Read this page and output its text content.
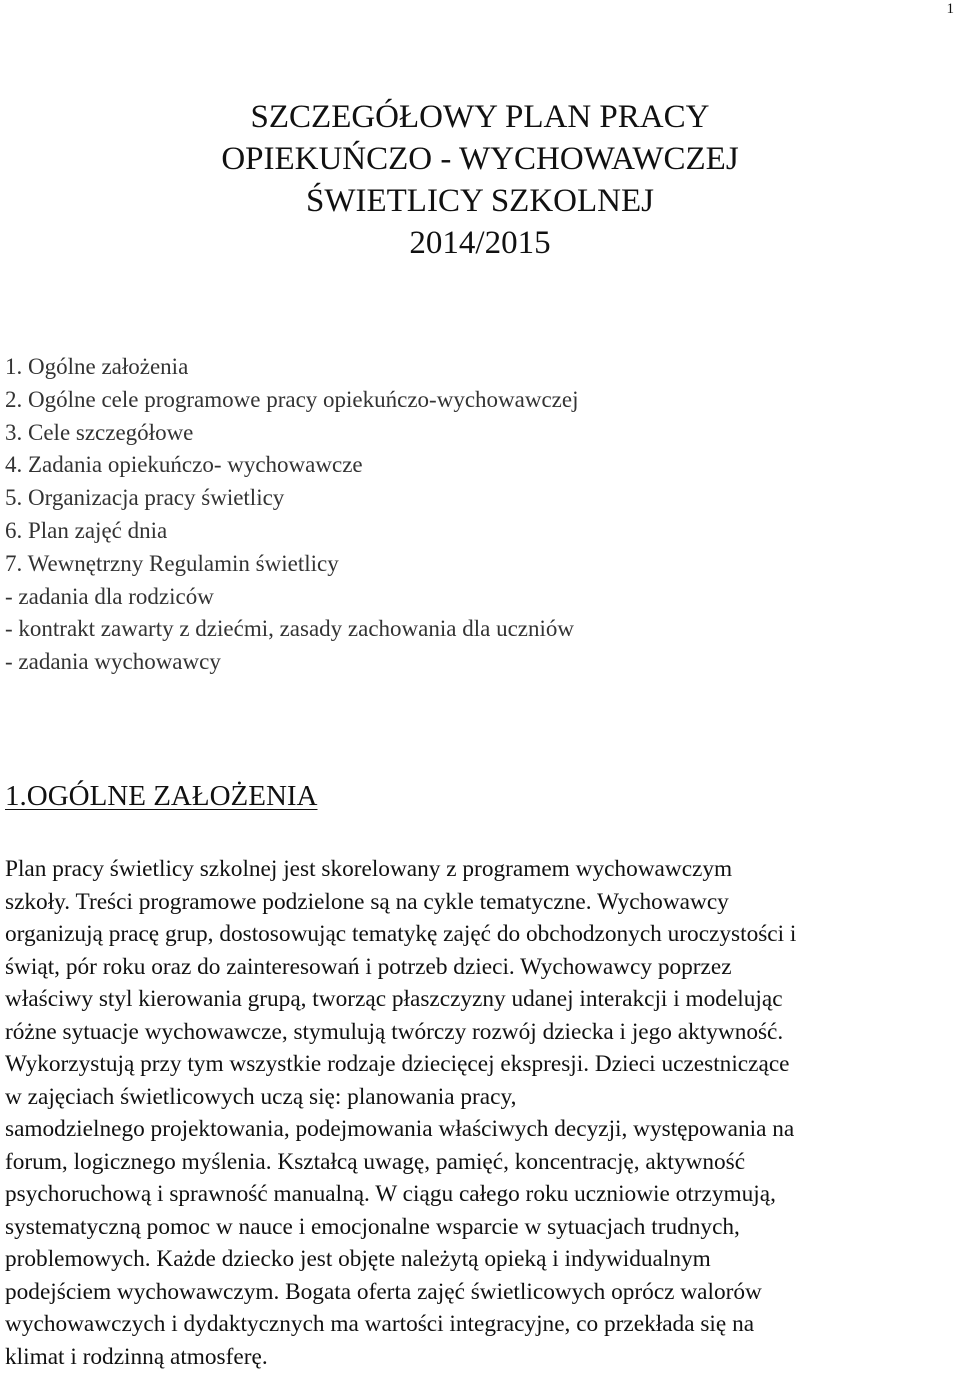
1
SZCZEGÓŁOWY PLAN PRACY
OPIEKUŃCZO - WYCHOWAWCZEJ
ŚWIETLICY SZKOLNEJ
2014/2015
1. Ogólne założenia
2. Ogólne cele programowe pracy opiekuńczo-wychowawczej
3. Cele szczegółowe
4. Zadania opiekuńczo- wychowawcze
5. Organizacja pracy świetlicy
6. Plan zajęć dnia
7. Wewnętrzny Regulamin świetlicy
- zadania dla rodziców
- kontrakt zawarty z dziećmi, zasady zachowania dla uczniów
- zadania wychowawcy
1.OGÓLNE ZAŁOŻENIA

Plan pracy świetlicy szkolnej jest skorelowany z programem wychowawczym
szkoły. Treści programowe podzielone są na cykle tematyczne. Wychowawcy
organizują pracę grup, dostosowując tematykę zajęć do obchodzonych uroczystości i
świąt, pór roku oraz do zainteresowań i potrzeb dzieci. Wychowawcy poprzez
właściwy styl kierowania grupą, tworząc płaszczyzny udanej interakcji i modelując
różne sytuacje wychowawcze, stymulują twórczy rozwój dziecka i jego aktywność.
Wykorzystują przy tym wszystkie rodzaje dziecięcej ekspresji. Dzieci uczestniczące
w zajęciach świetlicowych uczą się: planowania pracy,
samodzielnego projektowania, podejmowania właściwych decyzji, występowania na
forum, logicznego myślenia. Kształcą uwagę, pamięć, koncentrację, aktywność
psychoruchową i sprawność manualną. W ciągu całego roku uczniowie otrzymują,
systematyczną pomoc w nauce i emocjonalne wsparcie w sytuacjach trudnych,
problemowych. Każde dziecko jest objęte należytą opieką i indywidualnym
podejściem wychowawczym. Bogata oferta zajęć świetlicowych oprócz walorów
wychowawczych i dydaktycznych ma wartości integracyjne, co przekłada się na
klimat i rodzinną atmosferę.
